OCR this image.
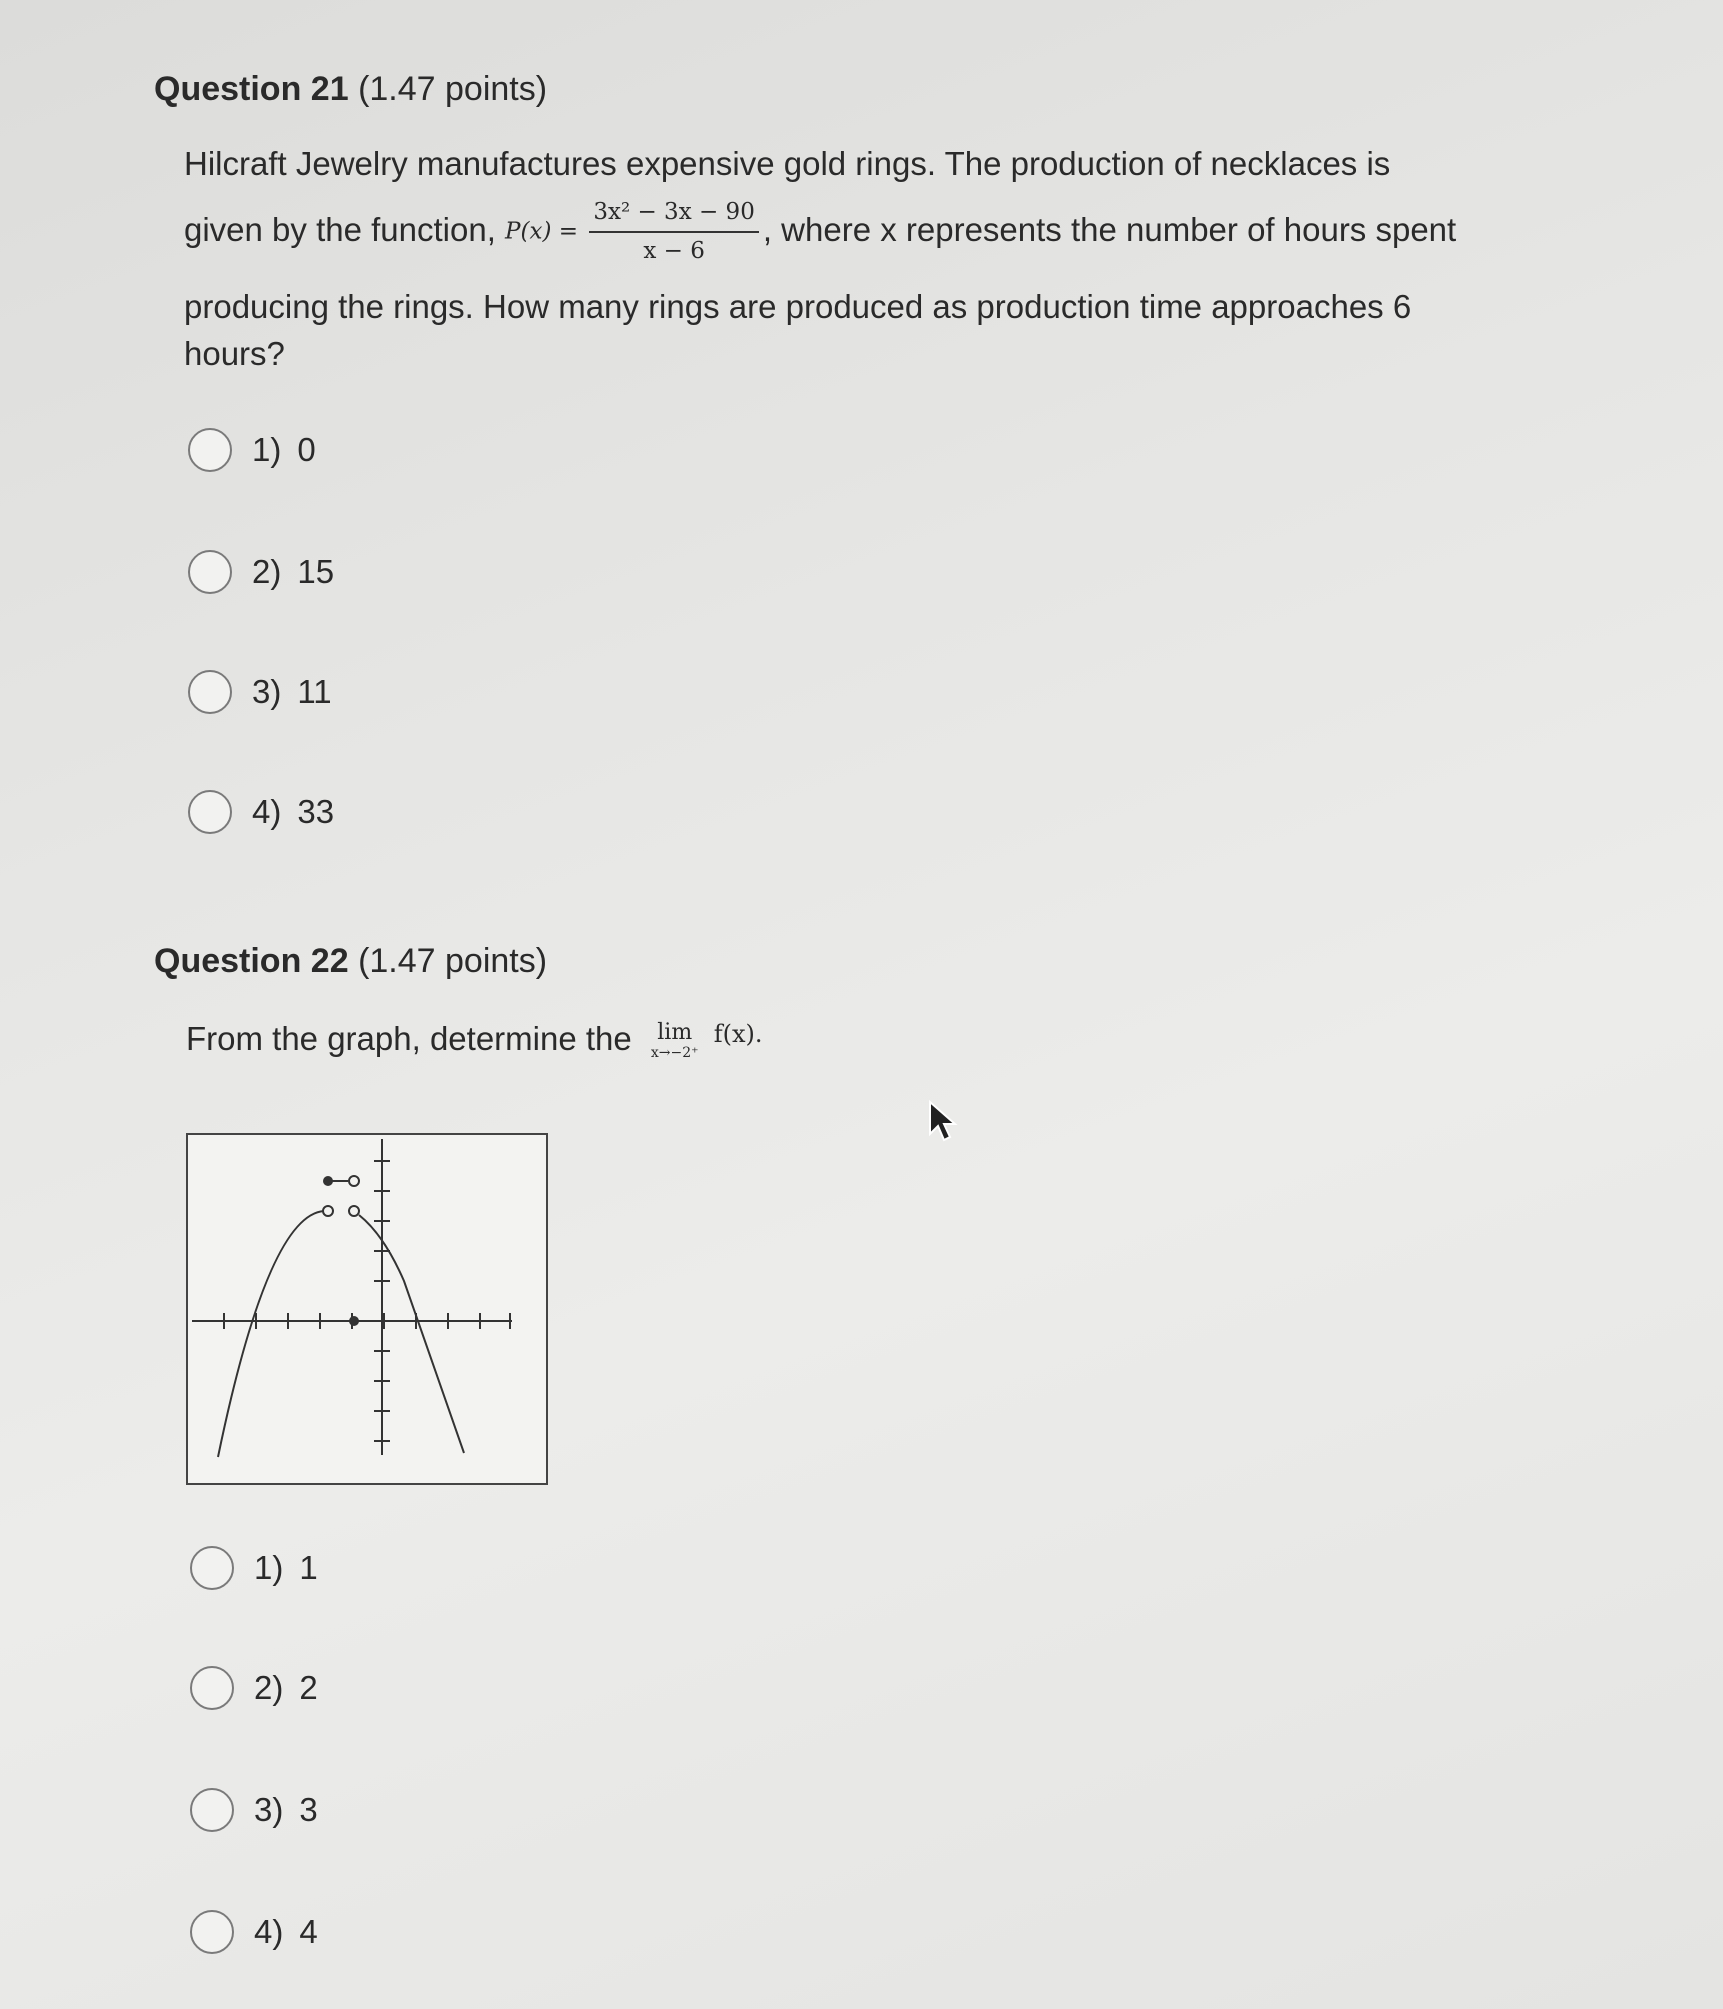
Question 21 (1.47 points)
Hilcraft Jewelry manufactures expensive gold rings. The production of necklaces is
given by the function, $P(x) = \frac{\text{3x² − 3x − 90}}{x - 6}$ , where x represents the number of hours spent
producing the rings. How many rings are produced as production time approaches 6
hours?
1) 0
2) 15
3) 11
4) 33
Question 22 (1.47 points)
From the graph, determine the lim
x→−2⁺
$^{f(x).}$
1) 1
2) 2
3) 3
4) 4
